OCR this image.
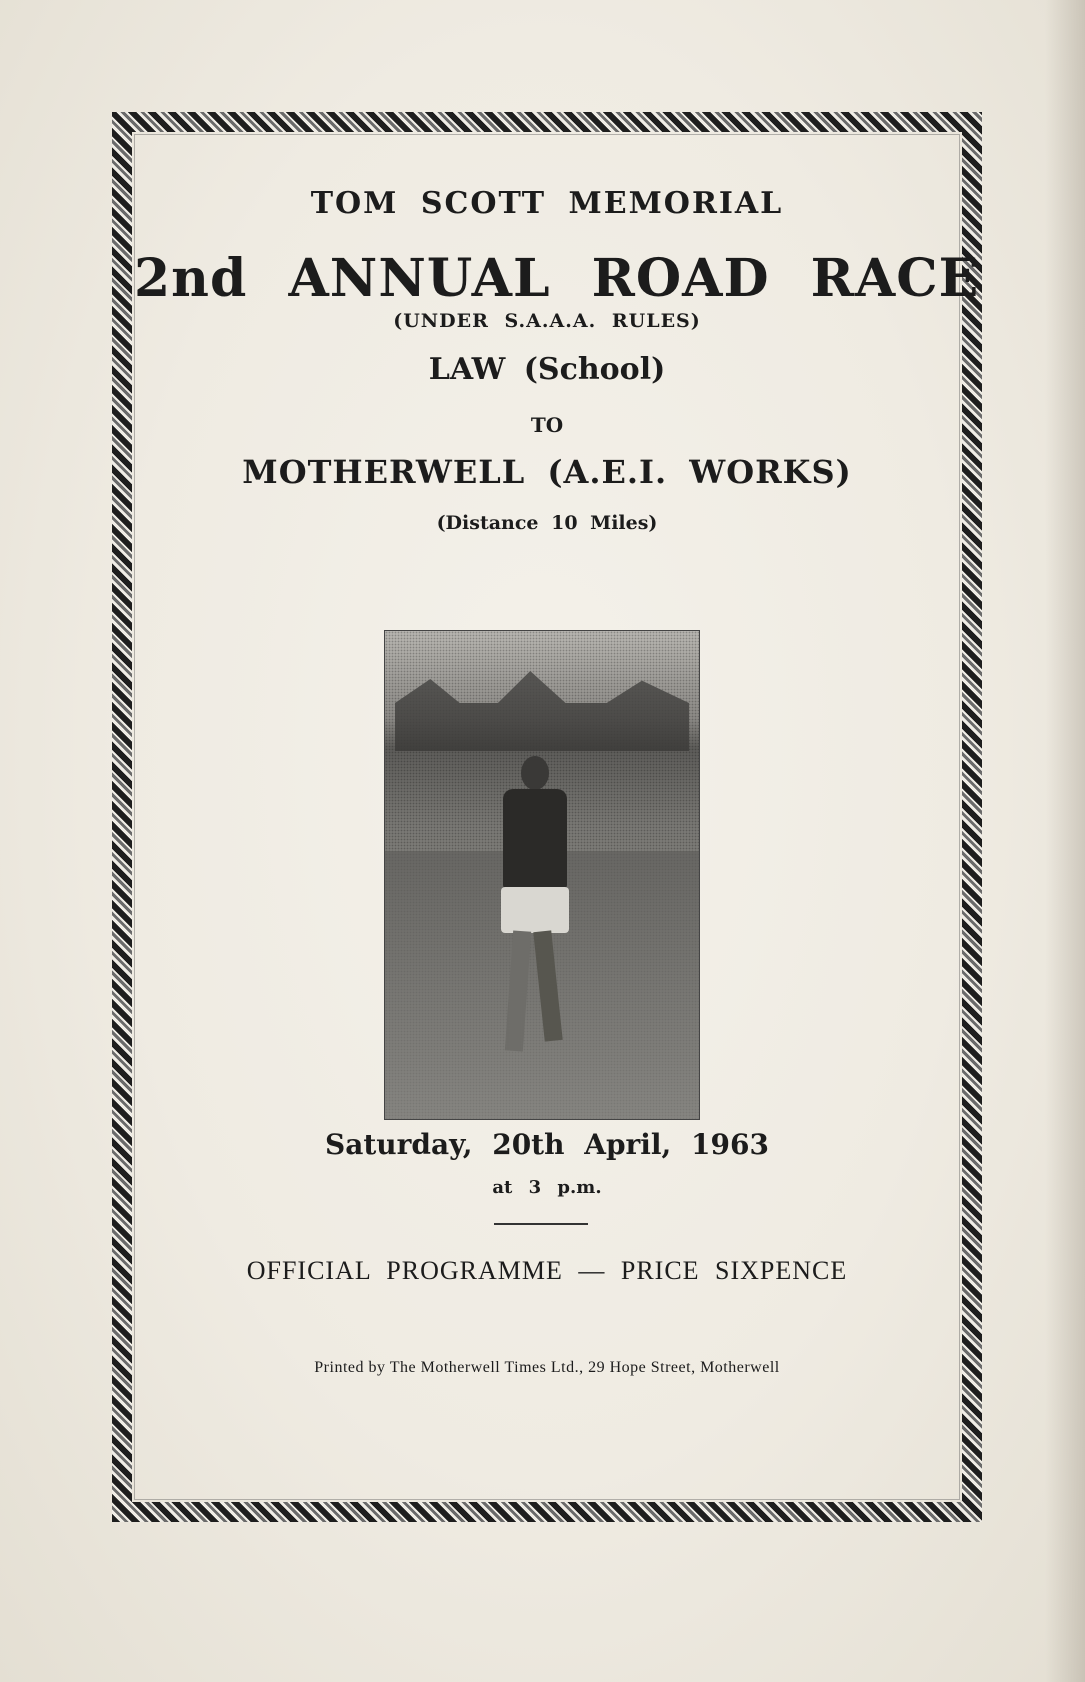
TOM SCOTT MEMORIAL
2nd ANNUAL ROAD RACE
(UNDER S.A.A.A. RULES)
LAW (School)
TO
MOTHERWELL (A.E.I. WORKS)
(Distance 10 Miles)
Saturday, 20th April, 1963
at 3 p.m.
OFFICIAL PROGRAMME — PRICE SIXPENCE
Printed by The Motherwell Times Ltd., 29 Hope Street, Motherwell
